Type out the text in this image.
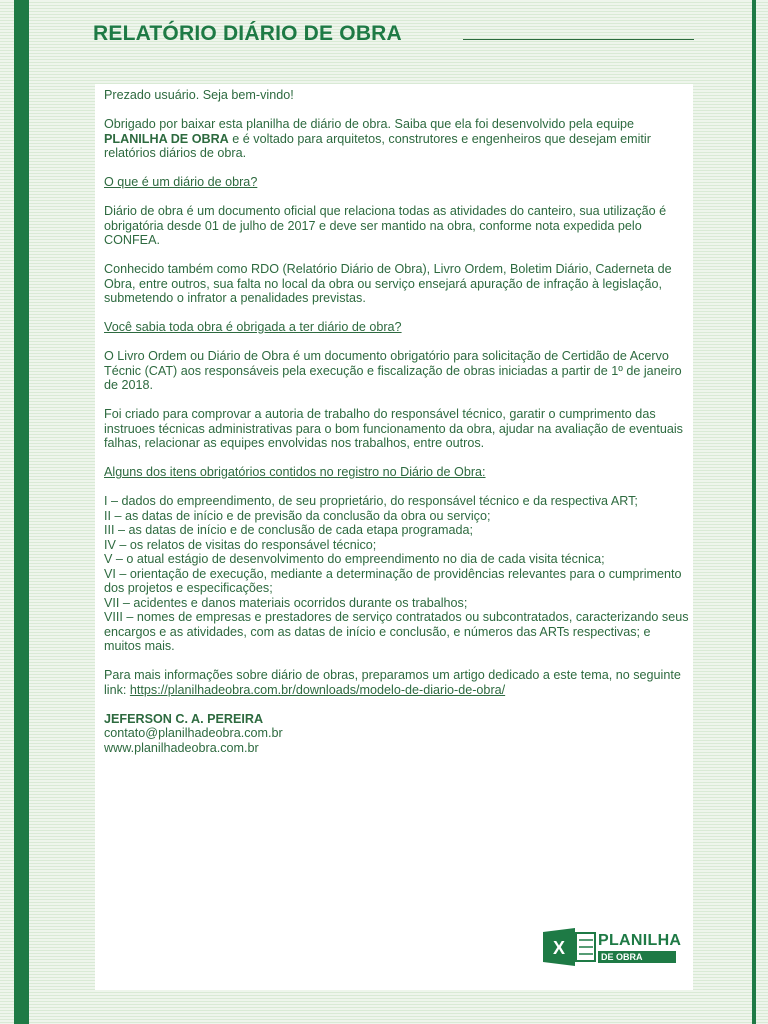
RELATÓRIO DIÁRIO DE OBRA

Prezado usuário. Seja bem-vindo!

Obrigado por baixar esta planilha de diário de obra. Saiba que ela foi desenvolvido pela equipe PLANILHA DE OBRA e é voltado para arquitetos, construtores e engenheiros que desejam emitir relatórios diários de obra.

O que é um diário de obra?

Diário de obra é um documento oficial que relaciona todas as atividades do canteiro, sua utilização é obrigatória desde 01 de julho de 2017 e deve ser mantido na obra, conforme nota expedida pelo CONFEA.

Conhecido também como RDO (Relatório Diário de Obra), Livro Ordem, Boletim Diário, Caderneta de Obra, entre outros, sua falta no local da obra ou serviço ensejará apuração de infração à legislação, submetendo o infrator a penalidades previstas.

Você sabia toda obra é obrigada a ter diário de obra?

O Livro Ordem ou Diário de Obra é um documento obrigatório para solicitação de Certidão de Acervo Técnic (CAT) aos responsáveis pela execução e fiscalização de obras iniciadas a partir de 1º de janeiro de 2018.

Foi criado para comprovar a autoria de trabalho do responsável técnico, garatir o cumprimento das instruoes técnicas administrativas para o bom funcionamento da obra, ajudar na avaliação de eventuais falhas, relacionar as equipes envolvidas nos trabalhos, entre outros.

Alguns dos itens obrigatórios contidos no registro no Diário de Obra:

I – dados do empreendimento, de seu proprietário, do responsável técnico e da respectiva ART;
II – as datas de início e de previsão da conclusão da obra ou serviço;
III – as datas de início e de conclusão de cada etapa programada;
IV – os relatos de visitas do responsável técnico;
V – o atual estágio de desenvolvimento do empreendimento no dia de cada visita técnica;
VI – orientação de execução, mediante a determinação de providências relevantes para o cumprimento dos projetos e especificações;
VII – acidentes e danos materiais ocorridos durante os trabalhos;
VIII – nomes de empresas e prestadores de serviço contratados ou subcontratados, caracterizando seus encargos e as atividades, com as datas de início e conclusão, e números das ARTs respectivas; e muitos mais.

Para mais informações sobre diário de obras, preparamos um artigo dedicado a este tema, no seguinte link: https://planilhadeobra.com.br/downloads/modelo-de-diario-de-obra/

JEFERSON C. A. PEREIRA

contato@planilhadeobra.com.br

www.planilhadeobra.com.br

X PLANILHA

DE OBRA
